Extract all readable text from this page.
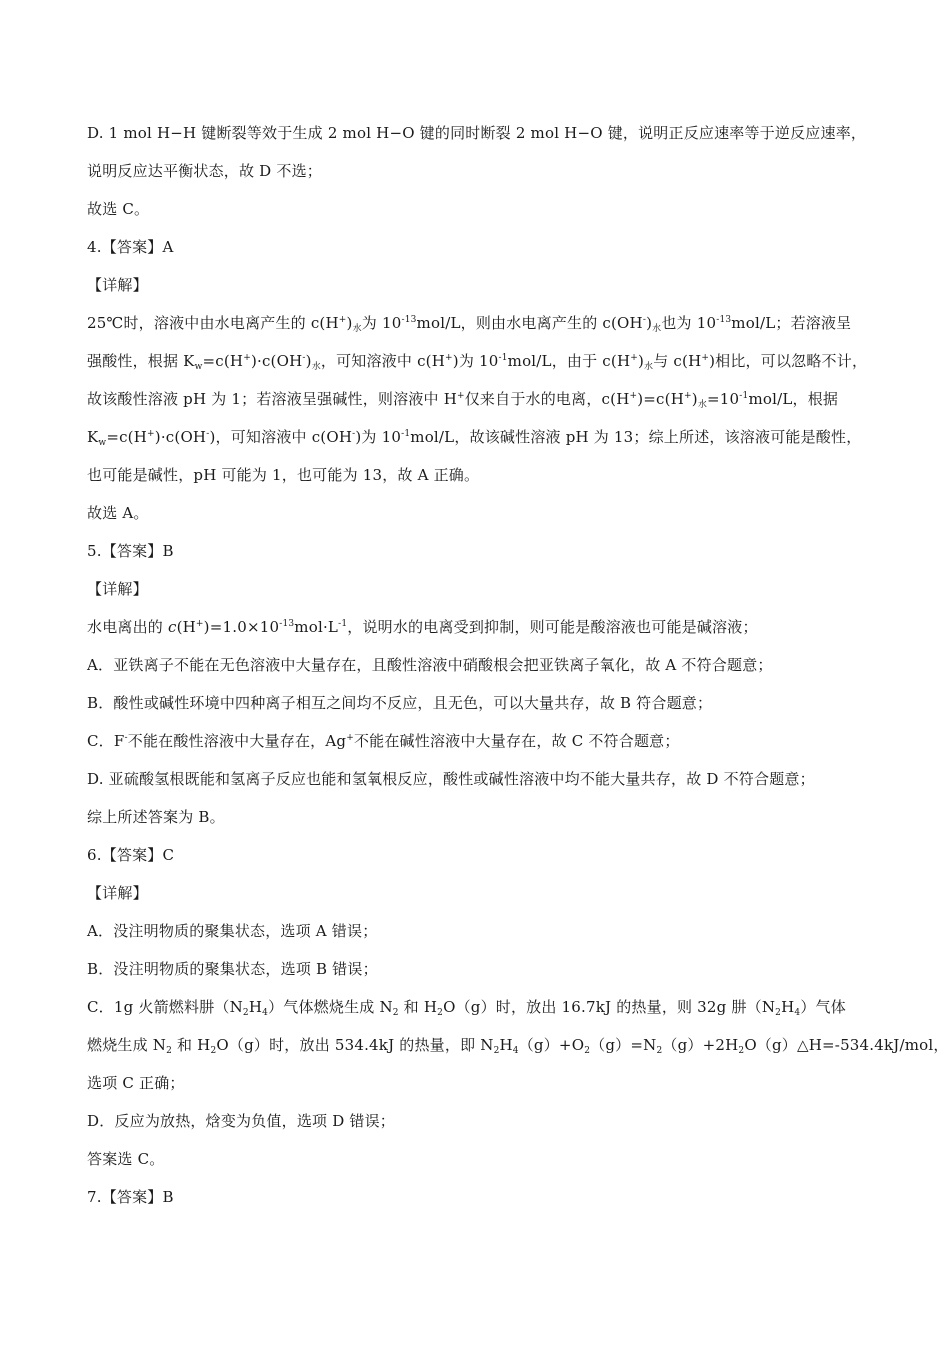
D. 1 mol H−H 键断裂等效于生成 2 mol H−O 键的同时断裂 2 mol H−O 键，说明正反应速率等于逆反应速率，
说明反应达平衡状态，故 D 不选；
故选 C。
4.【答案】A
【详解】
25℃时，溶液中由水电离产生的 $c(H^+)_水$为 $10^{-13}mol/L$，则由水电离产生的 $c(OH^-)_水$也为 $10^{-13}mol/L$；若溶液呈
强酸性，根据 $K_w=c(H^+)\cdot c(OH^-)_水$，可知溶液中 c(H+)为 $10^{-1}mol/L$，由于 $c(H^+)_水$与 c(H+)相比，可以忽略不计，
故该酸性溶液 pH 为 1；若溶液呈强碱性，则溶液中 H+仅来自于水的电离，$c(H^+)=c(H^+)_水=10^{-1}mol/L$，根据
$K_w=c(H^+)\cdot c(OH^-)$，可知溶液中 c(OH-)为 $10^{-1}mol/L$，故该碱性溶液 pH 为 13；综上所述，该溶液可能是酸性，
也可能是碱性，pH 可能为 1，也可能为 13，故 A 正确。
故选 A。
5.【答案】B
【详解】
水电离出的 $c(H^+)=1.0\times 10^{-13}mol\cdot L^{-1}$，说明水的电离受到抑制，则可能是酸溶液也可能是碱溶液；
A．亚铁离子不能在无色溶液中大量存在，且酸性溶液中硝酸根会把亚铁离子氧化，故 A 不符合题意；
B．酸性或碱性环境中四种离子相互之间均不反应，且无色，可以大量共存，故 B 符合题意；
C．F-不能在酸性溶液中大量存在，Ag+不能在碱性溶液中大量存在，故 C 不符合题意；
D. 亚硫酸氢根既能和氢离子反应也能和氢氧根反应，酸性或碱性溶液中均不能大量共存，故 D 不符合题意；
综上所述答案为 B。
6.【答案】C
【详解】
A．没注明物质的聚集状态，选项 A 错误；
B．没注明物质的聚集状态，选项 B 错误；
C．1g 火箭燃料肼$(N_2H_4)$气体燃烧生成 $N_2$ 和 $H_2O(g)$时，放出 16.7kJ 的热量，则 32g 肼$(N_2H_4)$气体
燃烧生成 $N_2$ 和 $H_2O(g)$时，放出 534.4kJ 的热量，即 $N_2H_4(g)+O_2(g)=N_2(g)+2H_2O(g)\triangle H=-534.4kJ$/mol，
选项 C 正确；
D．反应为放热，焓变为负值，选项 D 错误；
答案选 C。
7.【答案】B
